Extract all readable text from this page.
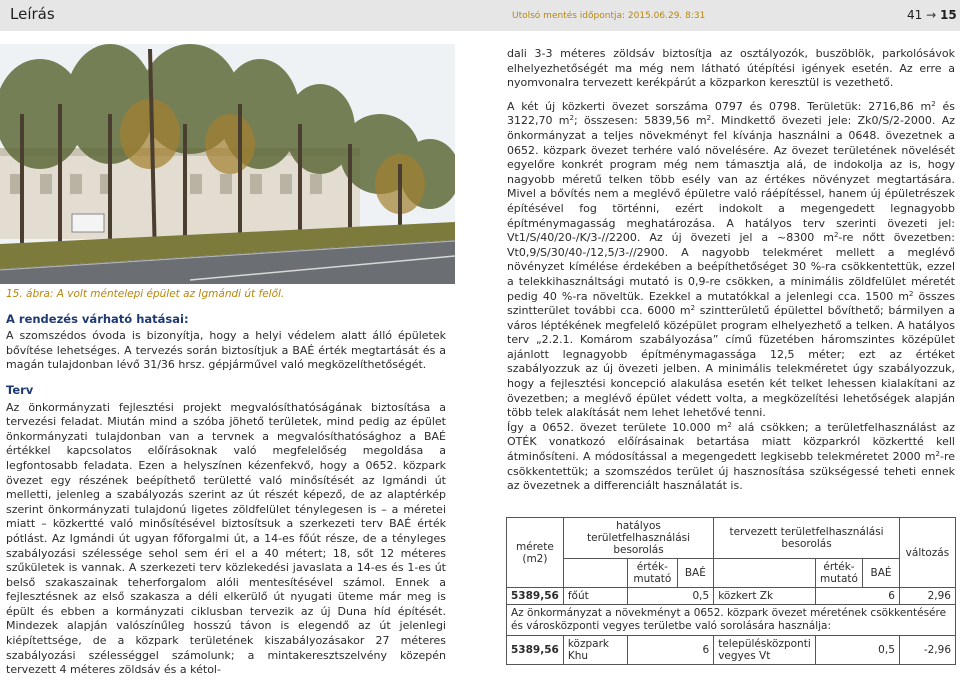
Leírás	Utolsó mentés időpontja: 2015.06.29. 8:31	41 → 15
15. ábra: A volt méntelepi épület az Igmándi út felől.
A rendezés várható hatásai:
A szomszédos óvoda is bizonyítja, hogy a helyi védelem alatt álló épületek bővítése lehetséges. A tervezés során biztosítjuk a BAÉ érték megtartását és a magán tulajdonban lévő 31/36 hrsz. gépjárművel való megközelíthetőségét.
Terv
Az önkormányzati fejlesztési projekt megvalósíthatóságának biztosítása a tervezési feladat. Miután mind a szóba jöhető területek, mind pedig az épület önkormányzati tulajdonban van a tervnek a megvalósíthatósághoz a BAÉ értékkel kapcsolatos előírásoknak való megfelelőség megoldása a legfontosabb feladata. Ezen a helyszínen kézenfekvő, hogy a 0652. közpark övezet egy részének beépíthető területté való minősítését az Igmándi út melletti, jelenleg a szabályozás szerint az út részét képező, de az alaptérkép szerint önkormányzati tulajdonú ligetes zöldfelület ténylegesen is – a méretei miatt – közkertté való minősítésével biztosítsuk a szerkezeti terv BAÉ érték pótlást. Az Igmándi út ugyan főforgalmi út, a 14-es főút része, de a tényleges szabályozási szélessége sehol sem éri el a 40 métert; 18, sőt 12 méteres szűkületek is vannak. A szerkezeti terv közlekedési javaslata a 14-es és 1-es út belső szakaszainak teherforgalom alóli mentesítésével számol. Ennek a fejlesztésnek az első szakasza a déli elkerülő út nyugati üteme már meg is épült és ebben a kormányzati ciklusban tervezik az új Duna híd építését. Mindezek alapján valószínűleg hosszú távon is elegendő az út jelenlegi kiépítettsége, de a közpark területének kiszabályozásakor 27 méteres szabályozási szélességgel számolunk; a mintakeresztszelvény közepén tervezett 4 méteres zöldsáv és a kétol-

dali 3-3 méteres zöldsáv biztosítja az osztályozók, buszöblök, parkolósávok elhelyezhetőségét ma még nem látható útépítési igények esetén. Az erre a nyomvonalra tervezett kerékpárút a közparkon keresztül is vezethető.

A két új közkerti övezet sorszáma 0797 és 0798. Területük: 2716,86 $m^2$ és 3122,70 $m^2$; összesen: 5839,56 $m^2$. Mindkettő övezeti jele: Zk0/S/2-2000. Az önkormányzat a teljes növekményt fel kívánja használni a 0648. övezetnek a 0652. közpark övezet terhére való növelésére. Az övezet területének növelését egyelőre konkrét program még nem támasztja alá, de indokolja az is, hogy nagyobb méretű telken több esély van az értékes növényzet megtartására. Mivel a bővítés nem a meglévő épületre való ráépítéssel, hanem új épületrészek építésével fog történni, ezért indokolt a megengedett legnagyobb építménymagasság meghatározása. A hatályos terv szerinti övezeti jel: Vt1/S/40/20-/K/3-//2200. Az új övezeti jel a ~8300 $m^2-re$ nőtt övezetben: Vt0,9/S/30/40-/12,5/3-//2900. A nagyobb telekméret mellett a meglévő növényzet kímélése érdekében a beépíthetőséget 30 %-ra csökkentettük, ezzel a telekkihasználtsági mutató is 0,9-re csökken, a minimális zöldfelület méretét pedig 40 %-ra növeltük. Ezekkel a mutatókkal a jelenlegi cca. 1500 $m^2$ összes szintterület további cca. 6000 $m^2$ szintterületű épülettel bővíthető; bármilyen a város léptékének megfelelő középület program elhelyezhető a telken. A hatályos terv „2.2.1. Komárom szabályozása” című füzetében háromszintes középület ajánlott legnagyobb építménymagassága 12,5 méter; ezt az értéket szabályozzuk az új övezeti jelben. A minimális telekméretet úgy szabályozzuk, hogy a fejlesztési koncepció alakulása esetén két telket lehessen kialakítani az övezetben; a meglévő épület védett volta, a megközelítési lehetőségek alapján több telek alakítását nem lehet lehetővé tenni.

Így a 0652. övezet területe 10.000 $m^2$ alá csökken; a területfelhasználást az OTÉK vonatkozó előírásainak betartása miatt közparkról közkertté kell átminősíteni. A módosítással a megengedett legkisebb telekméretet 2000 $m^2-re$ csökkentettük; a szomszédos terület új hasznosítása szükségessé teheti ennek az övezetnek a differenciált használatát is.

mérete (m2)	hatályos területfelhasználási besorolás			tervezett területfelhasználási besorolás			változás
		érték-mutató	BAÉ		érték-mutató	BAÉ	
5389,56	főút	0,5		közkert Zk	6		2,96
Az önkormányzat a növekményt a 0652. közpark övezet méretének csökkentésére és városközponti vegyes területbe való sorolására használja:							
5389,56	közpark Khu	6		településközponti vegyes Vt	0,5		-2,96
